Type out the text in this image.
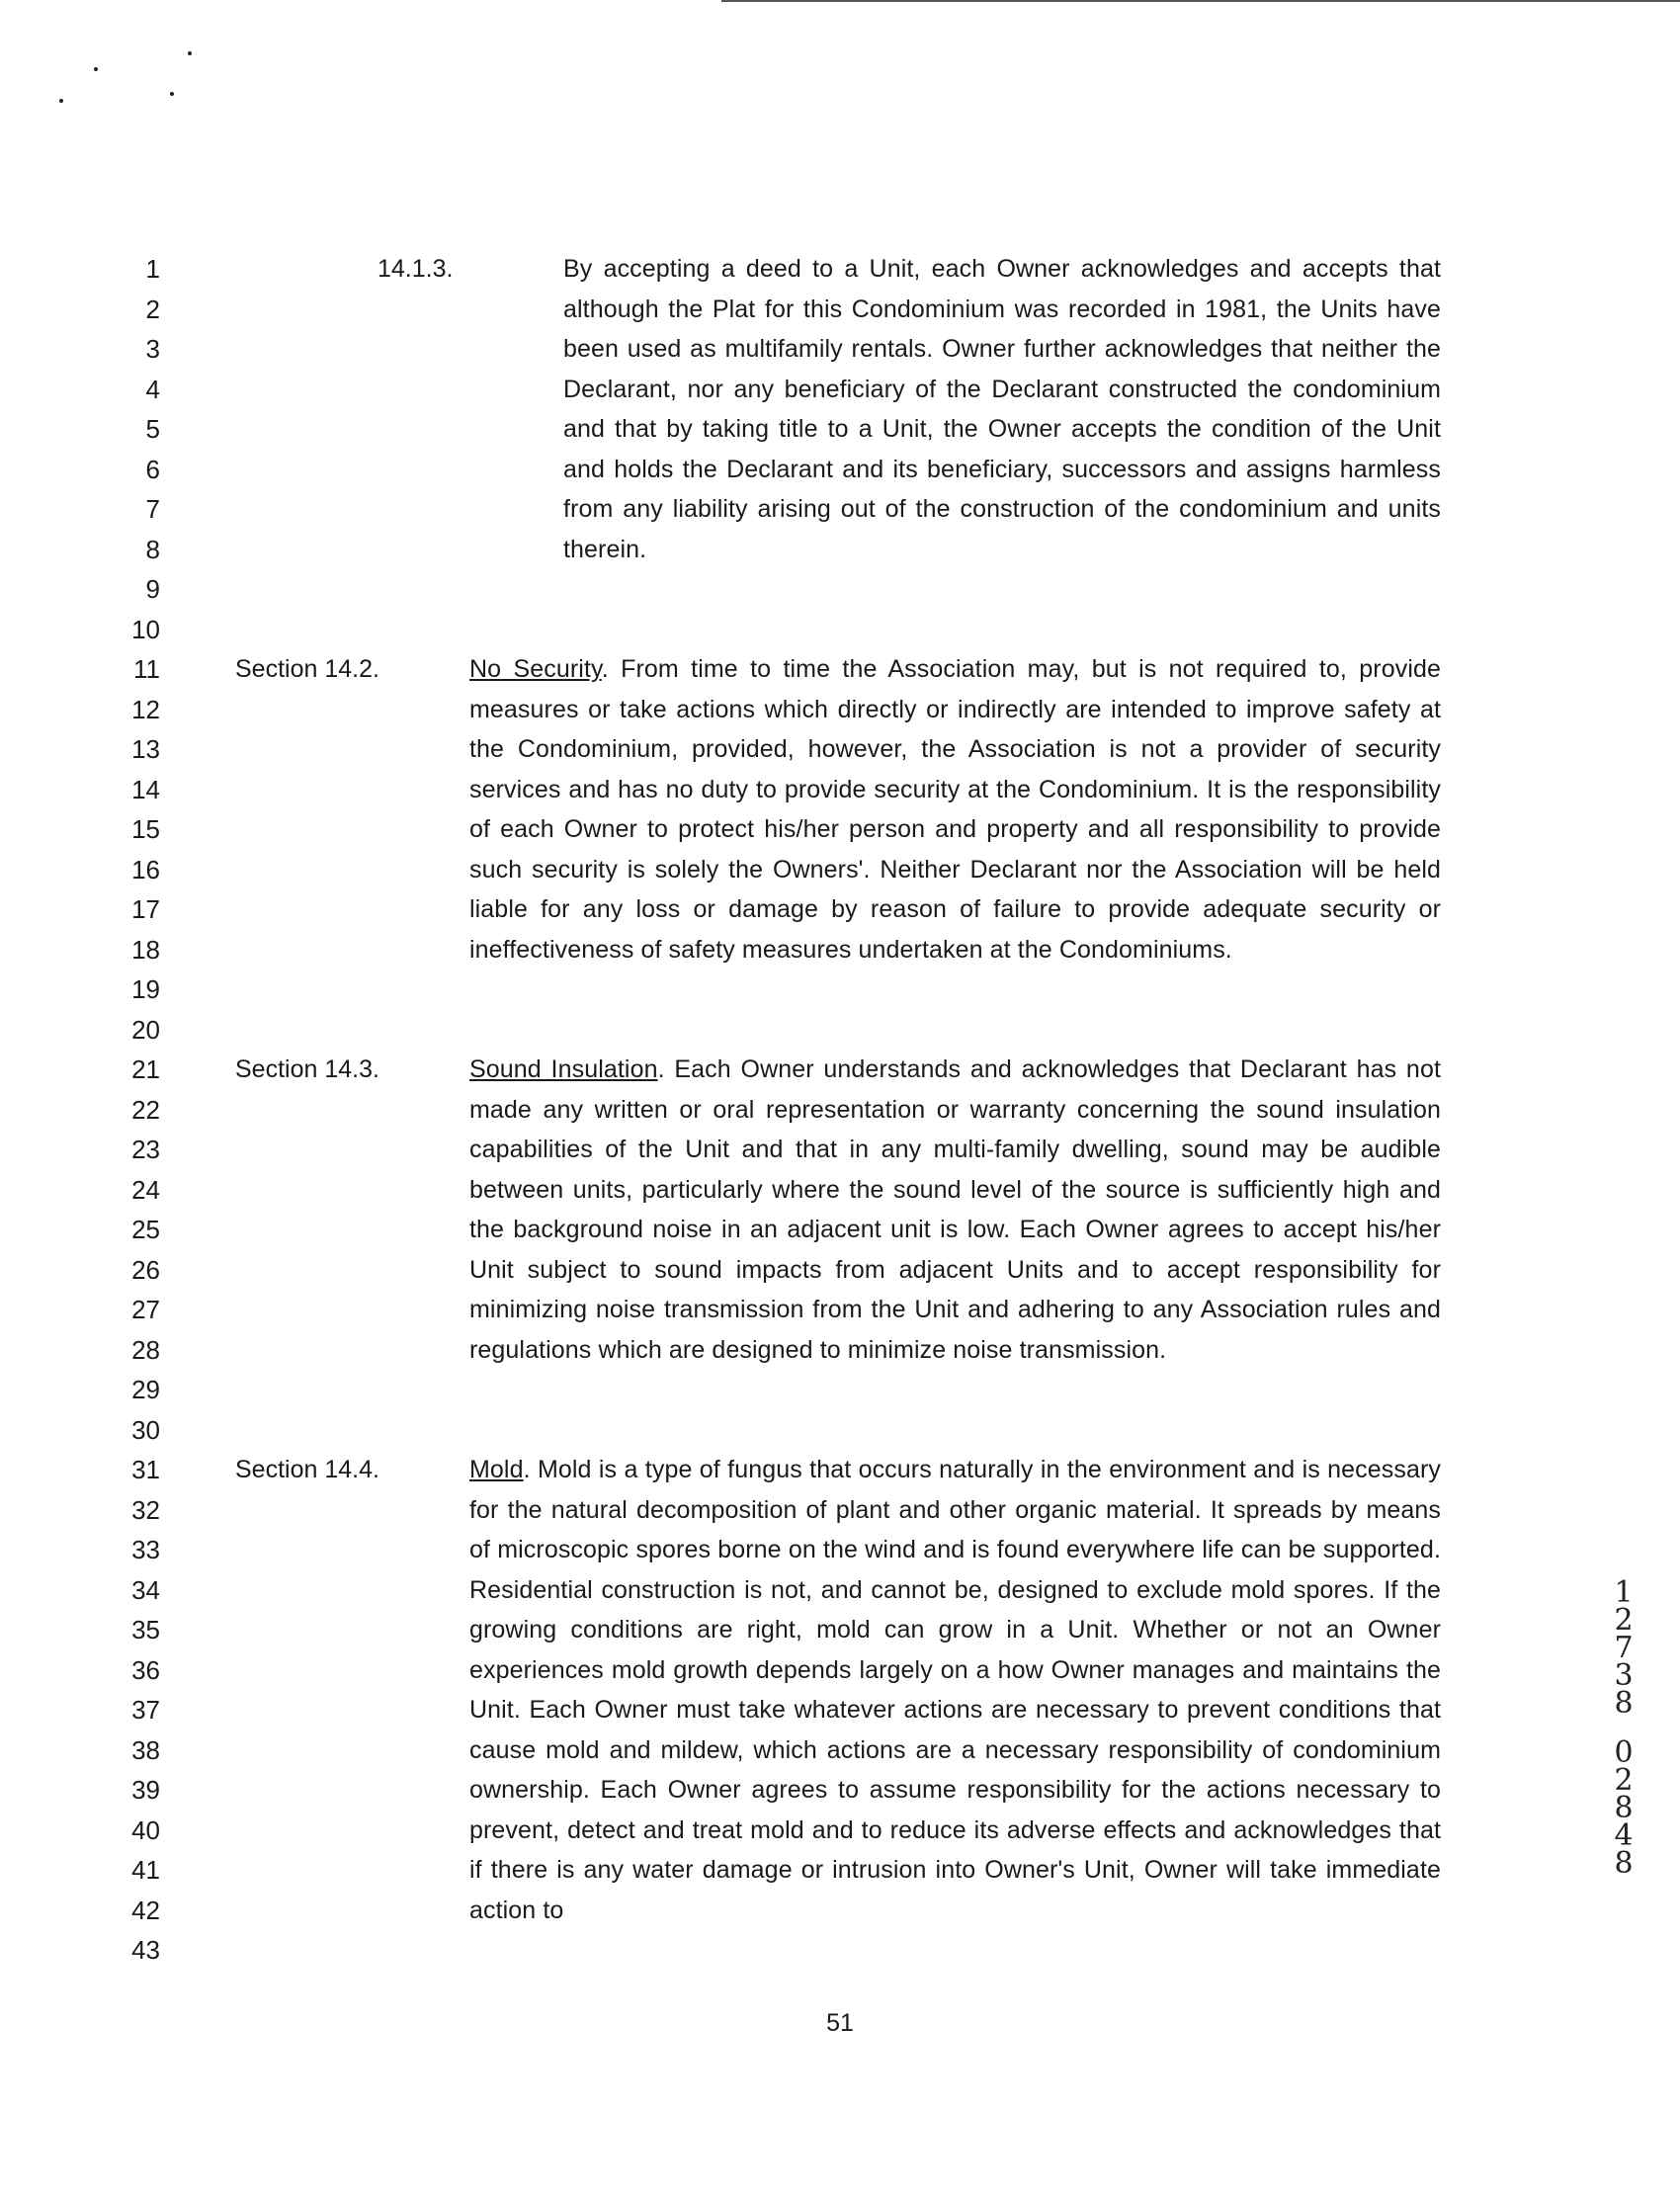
1
2
3
4
5
6
7
8
9
10
11
12
13
14
15
16
17
18
19
20
21
22
23
24
25
26
27
28
29
30
31
32
33
34
35
36
37
38
39
40
41
42
43
14.1.3.	By accepting a deed to a Unit, each Owner acknowledges and accepts that although the Plat for this Condominium was recorded in 1981, the Units have been used as multifamily rentals. Owner further acknowledges that neither the Declarant, nor any beneficiary of the Declarant constructed the condominium and that by taking title to a Unit, the Owner accepts the condition of the Unit and holds the Declarant and its beneficiary, successors and assigns harmless from any liability arising out of the construction of the condominium and units therein.
Section 14.2.	No Security. From time to time the Association may, but is not required to, provide measures or take actions which directly or indirectly are intended to improve safety at the Condominium, provided, however, the Association is not a provider of security services and has no duty to provide security at the Condominium. It is the responsibility of each Owner to protect his/her person and property and all responsibility to provide such security is solely the Owners'. Neither Declarant nor the Association will be held liable for any loss or damage by reason of failure to provide adequate security or ineffectiveness of safety measures undertaken at the Condominiums.
Section 14.3.	Sound Insulation. Each Owner understands and acknowledges that Declarant has not made any written or oral representation or warranty concerning the sound insulation capabilities of the Unit and that in any multi-family dwelling, sound may be audible between units, particularly where the sound level of the source is sufficiently high and the background noise in an adjacent unit is low. Each Owner agrees to accept his/her Unit subject to sound impacts from adjacent Units and to accept responsibility for minimizing noise transmission from the Unit and adhering to any Association rules and regulations which are designed to minimize noise transmission.
Section 14.4.	Mold. Mold is a type of fungus that occurs naturally in the environment and is necessary for the natural decomposition of plant and other organic material. It spreads by means of microscopic spores borne on the wind and is found everywhere life can be supported. Residential construction is not, and cannot be, designed to exclude mold spores. If the growing conditions are right, mold can grow in a Unit. Whether or not an Owner experiences mold growth depends largely on a how Owner manages and maintains the Unit. Each Owner must take whatever actions are necessary to prevent conditions that cause mold and mildew, which actions are a necessary responsibility of condominium ownership. Each Owner agrees to assume responsibility for the actions necessary to prevent, detect and treat mold and to reduce its adverse effects and acknowledges that if there is any water damage or intrusion into Owner's Unit, Owner will take immediate action to
51
1
2
7
3
8
0
2
8
4
8
